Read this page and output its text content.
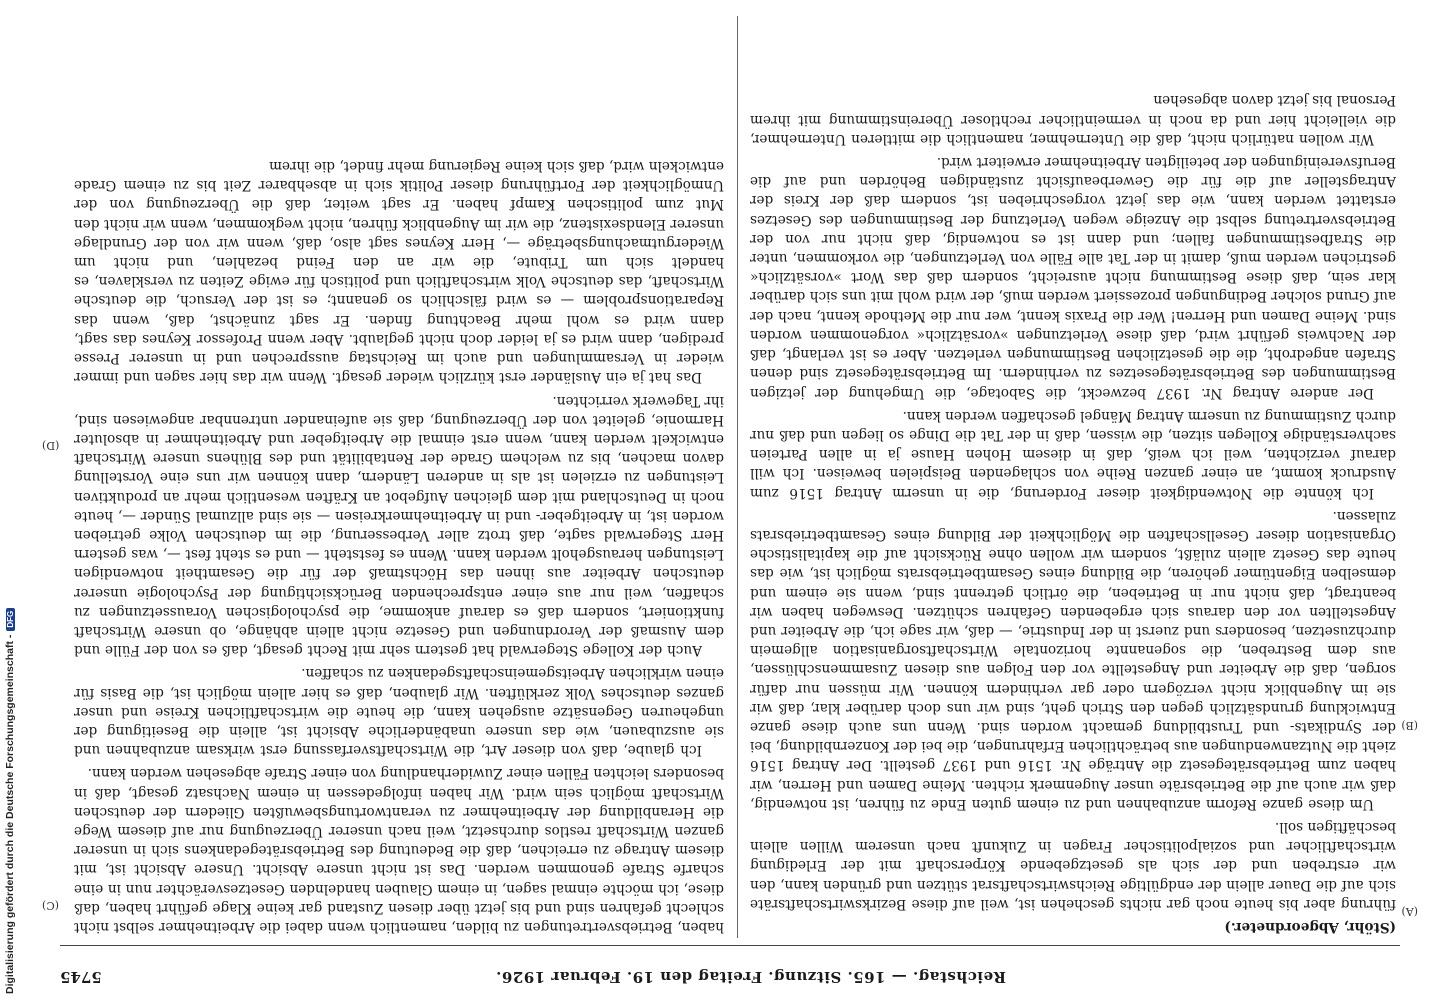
Digitalisierung gefördert durch die Deutsche Forschungsgemeinschaft -DFG
Reichstag. — 165. Sitzung. Freitag den 19. Februar 1926.
5745
(A)
(B)
(C)
(D)

(Stöhr, Abgeordneter.)

führung aber bis heute noch gar nichts geschehen ist, weil auf diese Bezirkswirtschaftsräte sich auf die Dauer allein der endgültige Reichswirtschaftsrat stützen und gründen kann, den wir erstreben und der sich als gesetzgebende Körperschaft mit der Erledigung wirtschaftlicher und sozialpolitischer Fragen in Zukunft nach unserem Willen allein beschäftigen soll.

Um diese ganze Reform anzubahnen und zu einem guten Ende zu führen, ist notwendig, daß wir auch auf die Betriebsräte unser Augenmerk richten. Meine Damen und Herren, wir haben zum Betriebsrätegesetz die Anträge Nr. 1516 und 1937 gestellt. Der Antrag 1516 zieht die Nutzanwendungen aus beträchtlichen Erfahrungen, die bei der Konzernbildung, bei der Syndikats- und Trustbildung gemacht worden sind. Wenn uns auch diese ganze Entwicklung grundsätzlich gegen den Strich geht, sind wir uns doch darüber klar, daß wir sie im Augenblick nicht verzögern oder gar verhindern können. Wir müssen nur dafür sorgen, daß die Arbeiter und Angestellte vor den Folgen aus diesen Zusammenschlüssen, aus dem Bestreben, die sogenannte horizontale Wirtschaftsorganisation allgemein durchzusetzen, besonders und zuerst in der Industrie, — daß, wir sage ich, die Arbeiter und Angestellten vor den daraus sich ergebenden Gefahren schützen. Deswegen haben wir beantragt, daß nicht nur in Betrieben, die örtlich getrennt sind, wenn sie einem und demselben Eigentümer gehören, die Bildung eines Gesamtbetriebsrats möglich ist, wie das heute das Gesetz allein zuläßt, sondern wir wollen ohne Rücksicht auf die kapitalistische Organisation dieser Gesellschaften die Möglichkeit der Bildung eines Gesamtbetriebsrats zulassen.

Ich könnte die Notwendigkeit dieser Forderung, die in unserm Antrag 1516 zum Ausdruck kommt, an einer ganzen Reihe von schlagenden Beispielen beweisen. Ich will darauf verzichten, weil ich weiß, daß in diesem Hohen Hause ja in allen Parteien sachverständige Kollegen sitzen, die wissen, daß in der Tat die Dinge so liegen und daß nur durch Zustimmung zu unserm Antrag Mängel geschaffen werden kann.

Der andere Antrag Nr. 1937 bezweckt, die Sabotage, die Umgehung der jetzigen Bestimmungen des Betriebsrätegesetzes zu verhindern. Im Betriebsrätegesetz sind denen Strafen angedroht, die die gesetzlichen Bestimmungen verletzen. Aber es ist verlangt, daß der Nachweis geführt wird, daß diese Verletzungen »vorsätzlich« vorgenommen worden sind. Meine Damen und Herren! Wer die Praxis kennt, wer nur die Methode kennt, nach der auf Grund solcher Bedingungen prozessiert werden muß, der wird wohl mit uns sich darüber klar sein, daß diese Bestimmung nicht ausreicht, sondern daß das Wort »vorsätzlich« gestrichen werden muß, damit in der Tat alle Fälle von Verletzungen, die vorkommen, unter die Strafbestimmungen fallen; und dann ist es notwendig, daß nicht nur von der Betriebsvertretung selbst die Anzeige wegen Verletzung der Bestimmungen des Gesetzes erstattet werden kann, wie das jetzt vorgeschrieben ist, sondern daß der Kreis der Antragsteller auf die für die Gewerbeaufsicht zuständigen Behörden und auf die Berufsvereinigungen der beteiligten Arbeitnehmer erweitert wird.

Wir wollen natürlich nicht, daß die Unternehmer, namentlich die mittleren Unternehmer, die vielleicht hier und da noch in vermeintlicher rechtloser Übereinstimmung mit ihrem Personal bis jetzt davon abgesehen

haben, Betriebsvertretungen zu bilden, namentlich wenn dabei die Arbeitnehmer selbst nicht schlecht gefahren sind und bis jetzt über diesen Zustand gar keine Klage geführt haben, daß diese, ich möchte einmal sagen, in einem Glauben handelnden Gesetzesverächter nun in eine scharfe Strafe genommen werden. Das ist nicht unsere Absicht. Unsere Absicht ist, mit diesem Antrage zu erreichen, daß die Bedeutung des Betriebsrätegedankens sich in unserer ganzen Wirtschaft restlos durchsetzt, weil nach unserer Überzeugung nur auf diesem Wege die Heranbildung der Arbeitnehmer zu verantwortungsbewußten Gliedern der deutschen Wirtschaft möglich sein wird. Wir haben infolgedessen in einem Nachsatz gesagt, daß in besonders leichten Fällen einer Zuwiderhandlung von einer Strafe abgesehen werden kann.

Ich glaube, daß von dieser Art, die Wirtschaftsverfassung erst wirksam anzubahnen und sie auszubauen, wie das unsere unabänderliche Absicht ist, allein die Beseitigung der ungeheuren Gegensätze ausgehen kann, die heute die wirtschaftlichen Kreise und unser ganzes deutsches Volk zerklüften. Wir glauben, daß es hier allein möglich ist, die Basis für einen wirklichen Arbeitsgemeinschaftsgedanken zu schaffen.

Auch der Kollege Stegerwald hat gestern sehr mit Recht gesagt, daß es von der Fülle und dem Ausmaß der Verordnungen und Gesetze nicht allein abhänge, ob unsere Wirtschaft funktioniert, sondern daß es darauf ankomme, die psychologischen Voraussetzungen zu schaffen, weil nur aus einer entsprechenden Berücksichtigung der Psychologie unserer deutschen Arbeiter aus ihnen das Höchstmaß der für die Gesamtheit notwendigen Leistungen herausgeholt werden kann. Wenn es feststeht — und es steht fest —, was gestern Herr Stegerwald sagte, daß trotz aller Verbesserung, die im deutschen Volke getrieben worden ist, in Arbeitgeber- und in Arbeitnehmerkreisen — sie sind allzumal Sünder —, heute noch in Deutschland mit dem gleichen Aufgebot an Kräften wesentlich mehr an produktiven Leistungen zu erzielen ist als in anderen Ländern, dann können wir uns eine Vorstellung davon machen, bis zu welchem Grade der Rentabilität und des Blühens unsere Wirtschaft entwickelt werden kann, wenn erst einmal die Arbeitgeber und Arbeitnehmer in absoluter Harmonie, geleitet von der Überzeugung, daß sie aufeinander untrennbar angewiesen sind, ihr Tagewerk verrichten.

Das hat ja ein Ausländer erst kürzlich wieder gesagt. Wenn wir das hier sagen und immer wieder in Versammlungen und auch im Reichstag aussprechen und in unserer Presse predigen, dann wird es ja leider doch nicht geglaubt. Aber wenn Professor Keynes das sagt, dann wird es wohl mehr Beachtung finden. Er sagt zunächst, daß, wenn das Reparationsproblem — es wird fälschlich so genannt; es ist der Versuch, die deutsche Wirtschaft, das deutsche Volk wirtschaftlich und politisch für ewige Zeiten zu versklaven, es handelt sich um Tribute, die wir an den Feind bezahlen, und nicht um Wiedergutmachungsbeträge —, Herr Keynes sagt also, daß, wenn wir von der Grundlage unserer Elendsexistenz, die wir im Augenblick führen, nicht wegkommen, wenn wir nicht den Mut zum politischen Kampf haben. Er sagt weiter, daß die Überzeugung von der Unmöglichkeit der Fortführung dieser Politik sich in absehbarer Zeit bis zu einem Grade entwickeln wird, daß sich keine Regierung mehr findet, die ihrem
